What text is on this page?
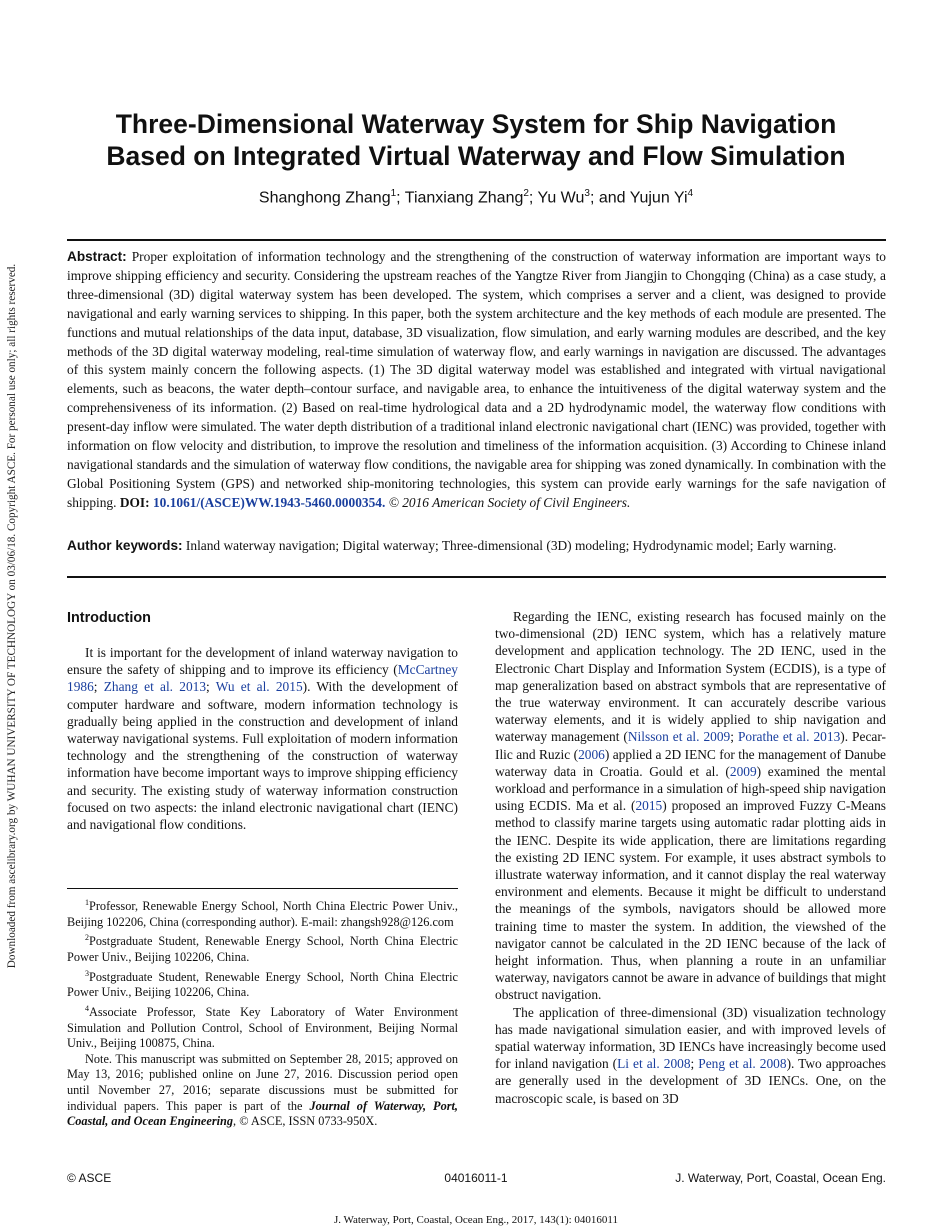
Downloaded from ascelibrary.org by WUHAN UNIVERSITY OF TECHNOLOGY on 03/06/18. Copyright ASCE. For personal use only; all rights reserved.
Three-Dimensional Waterway System for Ship Navigation
Based on Integrated Virtual Waterway and Flow Simulation
Shanghong Zhang$^1$; Tianxiang Zhang$^2$; Yu Wu$^3$; and Yujun Yi$^4$
Abstract: Proper exploitation of information technology and the strengthening of the construction of waterway information are important ways to improve shipping efficiency and security. Considering the upstream reaches of the Yangtze River from Jiangjin to Chongqing (China) as a case study, a three-dimensional (3D) digital waterway system has been developed. The system, which comprises a server and a client, was designed to provide navigational and early warning services to shipping. In this paper, both the system architecture and the key methods of each module are presented. The functions and mutual relationships of the data input, database, 3D visualization, flow simulation, and early warning modules are described, and the key methods of the 3D digital waterway modeling, real-time simulation of waterway flow, and early warnings in navigation are discussed. The advantages of this system mainly concern the following aspects. (1) The 3D digital waterway model was established and integrated with virtual navigational elements, such as beacons, the water depth–contour surface, and navigable area, to enhance the intuitiveness of the digital waterway system and the comprehensiveness of its information. (2) Based on real-time hydrological data and a 2D hydrodynamic model, the waterway flow conditions with present-day inflow were simulated. The water depth distribution of a traditional inland electronic navigational chart (IENC) was provided, together with information on flow velocity and distribution, to improve the resolution and timeliness of the information acquisition. (3) According to Chinese inland navigational standards and the simulation of waterway flow conditions, the navigable area for shipping was zoned dynamically. In combination with the Global Positioning System (GPS) and networked ship-monitoring technologies, this system can provide early warnings for the safe navigation of shipping. DOI: 10.1061/(ASCE)WW.1943-5460.0000354. © 2016 American Society of Civil Engineers.
Author keywords: Inland waterway navigation; Digital waterway; Three-dimensional (3D) modeling; Hydrodynamic model; Early warning.
Introduction

It is important for the development of inland waterway navigation to ensure the safety of shipping and to improve its efficiency (McCartney 1986; Zhang et al. 2013; Wu et al. 2015). With the development of computer hardware and software, modern information technology is gradually being applied in the construction and development of inland waterway navigational systems. Full exploitation of modern information technology and the strengthening of the construction of waterway information have become important ways to improve shipping efficiency and security. The existing study of waterway information construction focused on two aspects: the inland electronic navigational chart (IENC) and navigational flow conditions.

Regarding the IENC, existing research has focused mainly on the two-dimensional (2D) IENC system, which has a relatively mature development and application technology. The 2D IENC, used in the Electronic Chart Display and Information System (ECDIS), is a type of map generalization based on abstract symbols that are representative of the true waterway environment. It can accurately describe various waterway elements, and it is widely applied to ship navigation and waterway management (Nilsson et al. 2009; Porathe et al. 2013). Pecar-Ilic and Ruzic (2006) applied a 2D IENC for the management of Danube waterway data in Croatia. Gould et al. (2009) examined the mental workload and performance in a simulation of high-speed ship navigation using ECDIS. Ma et al. (2015) proposed an improved Fuzzy C-Means method to classify marine targets using automatic radar plotting aids in the IENC. Despite its wide application, there are limitations regarding the existing 2D IENC system. For example, it uses abstract symbols to illustrate waterway information, and it cannot display the real waterway environment and elements. Because it might be difficult to understand the meanings of the symbols, navigators should be allowed more training time to master the system. In addition, the viewshed of the navigator cannot be calculated in the 2D IENC because of the lack of height information. Thus, when planning a route in an unfamiliar waterway, navigators cannot be aware in advance of buildings that might obstruct navigation.

The application of three-dimensional (3D) visualization technology has made navigational simulation easier, and with improved levels of spatial waterway information, 3D IENCs have increasingly become used for inland navigation (Li et al. 2008; Peng et al. 2008). Two approaches are generally used in the development of 3D IENCs. One, on the macroscopic scale, is based on 3D

$^1$Professor, Renewable Energy School, North China Electric Power Univ., Beijing 102206, China (corresponding author). E-mail: zhangsh928@126.com

$^2$Postgraduate Student, Renewable Energy School, North China Electric Power Univ., Beijing 102206, China.

$^3$Postgraduate Student, Renewable Energy School, North China Electric Power Univ., Beijing 102206, China.

$^4$Associate Professor, State Key Laboratory of Water Environment Simulation and Pollution Control, School of Environment, Beijing Normal Univ., Beijing 100875, China.

Note. This manuscript was submitted on September 28, 2015; approved on May 13, 2016; published online on June 27, 2016. Discussion period open until November 27, 2016; separate discussions must be submitted for individual papers. This paper is part of the Journal of Waterway, Port, Coastal, and Ocean Engineering, © ASCE, ISSN 0733-950X.

© ASCE	04016011-1	J. Waterway, Port, Coastal, Ocean Eng.
J. Waterway, Port, Coastal, Ocean Eng., 2017, 143(1): 04016011
